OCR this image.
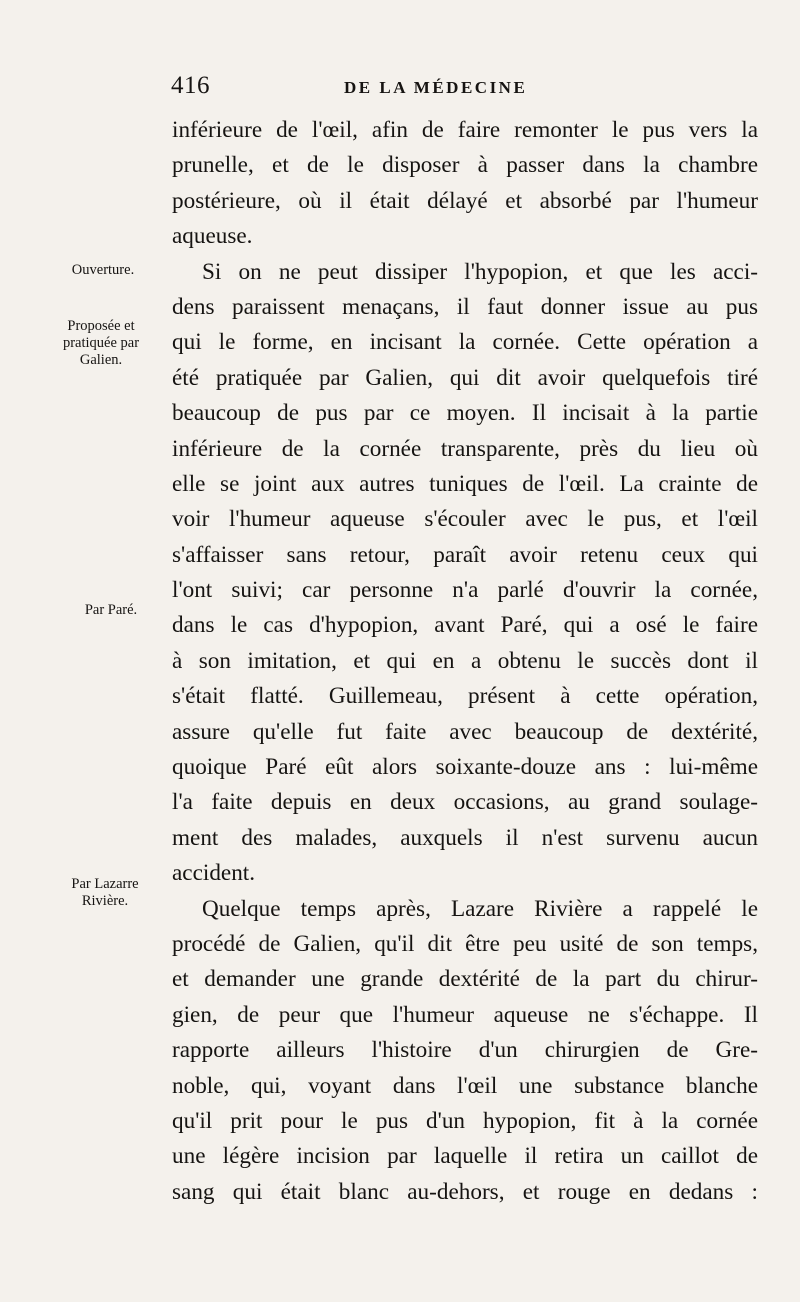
416	DE LA MÉDECINE
Ouverture.
Proposée et pratiquée par Galien.
Par Paré.
Par Lazarre Rivière.
inférieure de l'œil, afin de faire remonter le pus vers la
prunelle, et de le disposer à passer dans la chambre
postérieure, où il était délayé et absorbé par l'humeur
aqueuse.
Si on ne peut dissiper l'hypopion, et que les acci-
dens paraissent menaçans, il faut donner issue au pus
qui le forme, en incisant la cornée. Cette opération a
été pratiquée par Galien, qui dit avoir quelquefois tiré
beaucoup de pus par ce moyen. Il incisait à la partie
inférieure de la cornée transparente, près du lieu où
elle se joint aux autres tuniques de l'œil. La crainte de
voir l'humeur aqueuse s'écouler avec le pus, et l'œil
s'affaisser sans retour, paraît avoir retenu ceux qui
l'ont suivi; car personne n'a parlé d'ouvrir la cornée,
dans le cas d'hypopion, avant Paré, qui a osé le faire
à son imitation, et qui en a obtenu le succès dont il
s'était flatté. Guillemeau, présent à cette opération,
assure qu'elle fut faite avec beaucoup de dextérité,
quoique Paré eût alors soixante-douze ans : lui-même
l'a faite depuis en deux occasions, au grand soulage-
ment des malades, auxquels il n'est survenu aucun
accident.
Quelque temps après, Lazare Rivière a rappelé le
procédé de Galien, qu'il dit être peu usité de son temps,
et demander une grande dextérité de la part du chirur-
gien, de peur que l'humeur aqueuse ne s'échappe. Il
rapporte ailleurs l'histoire d'un chirurgien de Gre-
noble, qui, voyant dans l'œil une substance blanche
qu'il prit pour le pus d'un hypopion, fit à la cornée
une légère incision par laquelle il retira un caillot de
sang qui était blanc au-dehors, et rouge en dedans :
